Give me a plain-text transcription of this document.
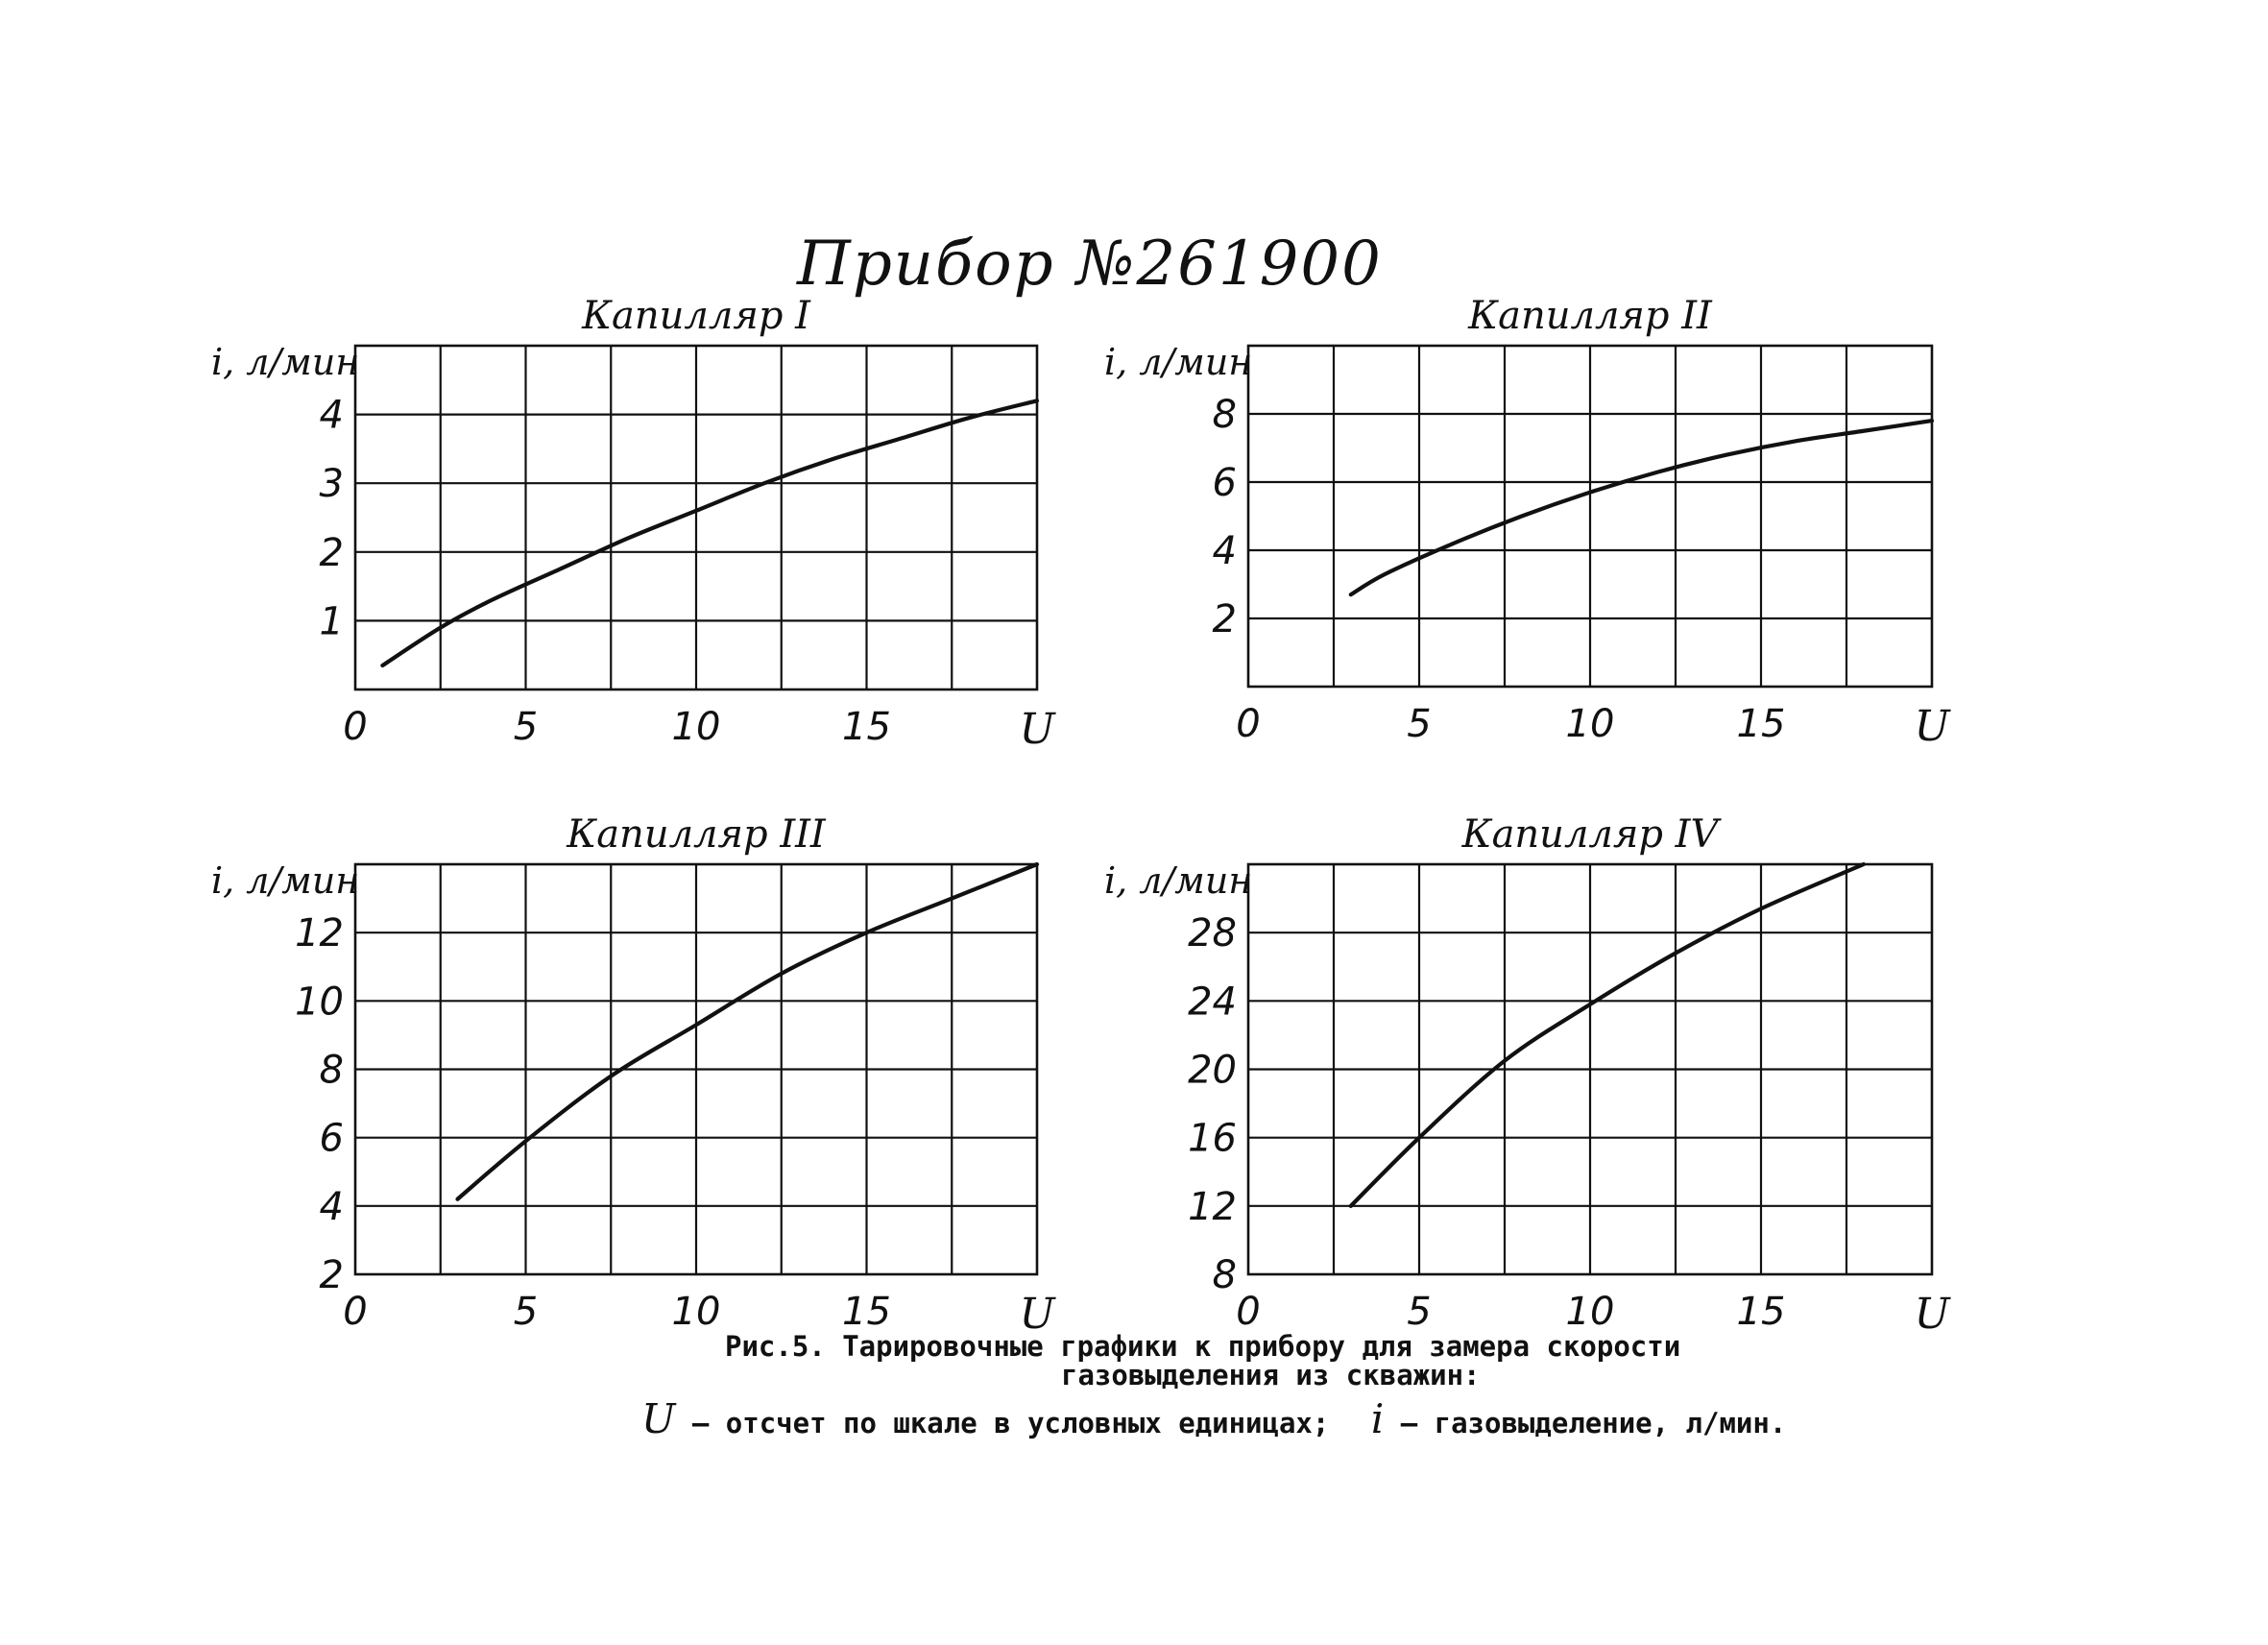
Прибор №261900
Капилляр I
1
2
3
4
0	5	10	15	U
i, л/мин
Капилляр II
2
4
6
8
0	5	10	15	U
i, л/мин
Капилляр III
2
4
6
8
10
12
0	5	10	15	U
i, л/мин
Капилляр IV
8
12
16
20
24
28
0	5	10	15	U
i, л/мин
Рис.5. Тарировочные графики к прибору для замера скорости
газовыделения из скважин:
U – отсчет по шкале в условных единицах; i – газовыделение, л/мин.
